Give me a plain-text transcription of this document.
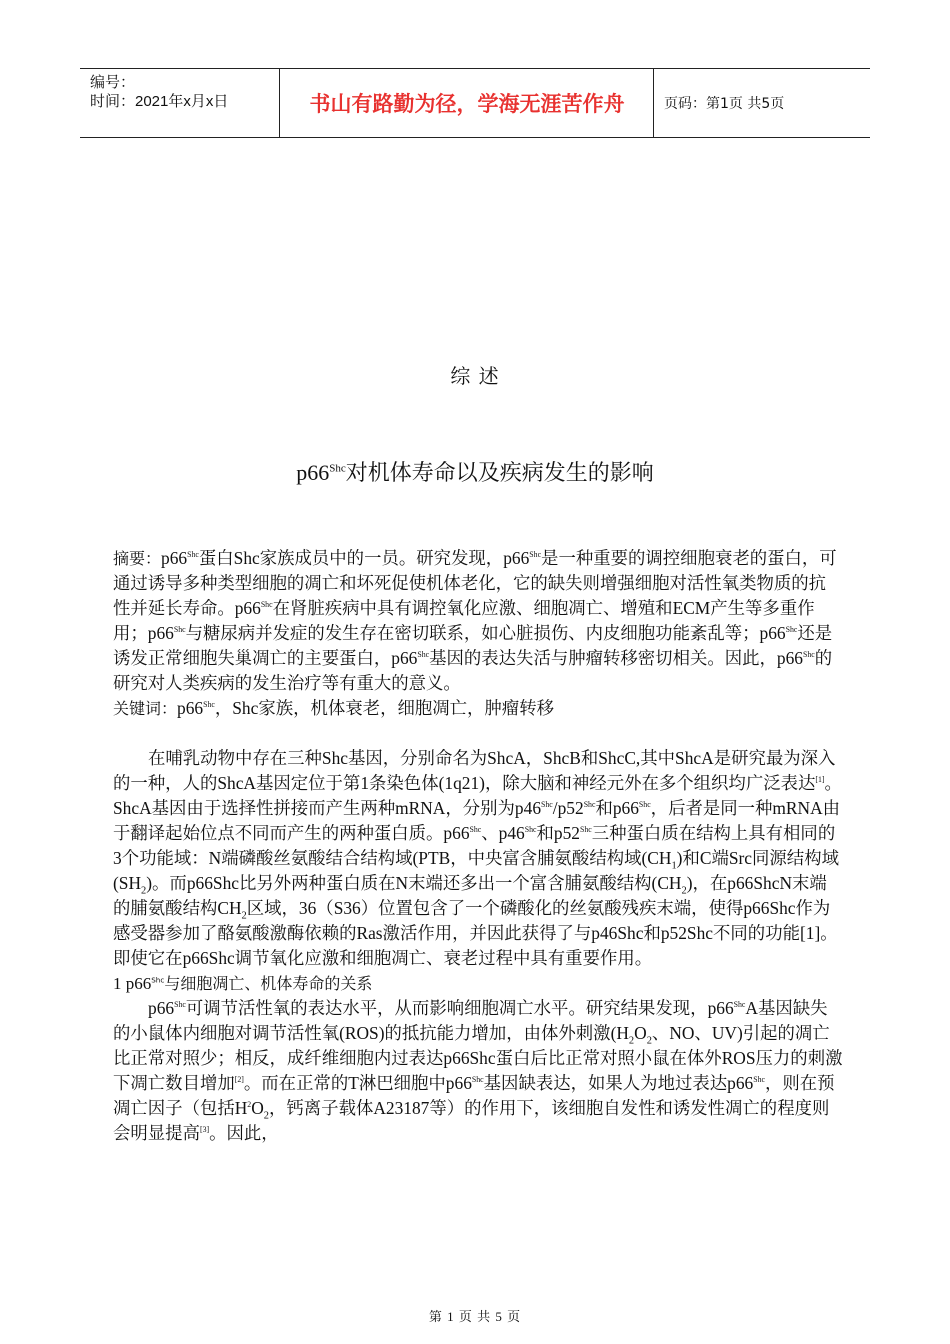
编号：
时间：2021年x月x日	书山有路勤为径，学海无涯苦作舟	页码：第1页 共5页
综 述
$p66^{Shc}$对机体寿命以及疾病发生的影响

摘要：$p66^{Shc}$蛋白Shc家族成员中的一员。研究发现，$p66^{Shc}$是一种重要的调控细胞衰老的蛋白，可通过诱导多种类型细胞的凋亡和坏死促使机体老化，它的缺失则增强细胞对活性氧类物质的抗性并延长寿命。$p66^{Shc}$在肾脏疾病中具有调控氧化应激、细胞凋亡、增殖和ECM产生等多重作用；$p66^{Shc}$与糖尿病并发症的发生存在密切联系，如心脏损伤、内皮细胞功能紊乱等；$p66^{Shc}$还是诱发正常细胞失巢凋亡的主要蛋白，$p66^{Shc}$基因的表达失活与肿瘤转移密切相关。因此，$p66^{Shc}$的研究对人类疾病的发生治疗等有重大的意义。

关键词：$p66^{Shc}$，Shc家族，机体衰老，细胞凋亡，肿瘤转移

在哺乳动物中存在三种Shc基因，分别命名为ShcA，ShcB和ShcC,其中ShcA是研究最为深入的一种，人的ShcA基因定位于第1条染色体(1q21)，除大脑和神经元外在多个组织均广泛表达[1]。ShcA基因由于选择性拼接而产生两种mRNA，分别为$p46^{Shc}/p52^{Shc}$和$p66^{Shc}$，后者是同一种mRNA由于翻译起始位点不同而产生的两种蛋白质。$p66^{Shc}$、$p46^{Shc}$和$p52^{Shc}$三种蛋白质在结构上具有相同的3个功能域：N端磷酸丝氨酸结合结构域(PTB，中央富含脯氨酸结构域$(CH_1)$和C端Src同源结构域$(SH_2)$。而p66Shc比另外两种蛋白质在N末端还多出一个富含脯氨酸结构$(CH_2)$，在p66ShcN末端的脯氨酸结构$CH_2$区域，36（S36）位置包含了一个磷酸化的丝氨酸残疾末端，使得p66Shc作为感受器参加了酪氨酸激酶依赖的Ras激活作用，并因此获得了与p46Shc和p52Shc不同的功能[1]。即使它在p66Shc调节氧化应激和细胞凋亡、衰老过程中具有重要作用。

1 $p66^{Shc}$与细胞凋亡、机体寿命的关系

$p66^{Shc}$可调节活性氧的表达水平，从而影响细胞凋亡水平。研究结果发现，$p66^{Shc}A$基因缺失的小鼠体内细胞对调节活性氧(ROS)的抵抗能力增加，由体外刺激($H_2O_2$、NO、UV)引起的凋亡比正常对照少；相反，成纤维细胞内过表达p66Shc蛋白后比正常对照小鼠在体外ROS压力的刺激下凋亡数目增加[2]。而在正常的T淋巴细胞中$p66^{Shc}$基因缺表达，如果人为地过表达$p66^{Shc}$，则在预凋亡因子（包括$H^2O_2$，钙离子载体A23187等）的作用下，该细胞自发性和诱发性凋亡的程度则会明显提高[3]。因此，

第 1 页 共 5 页
